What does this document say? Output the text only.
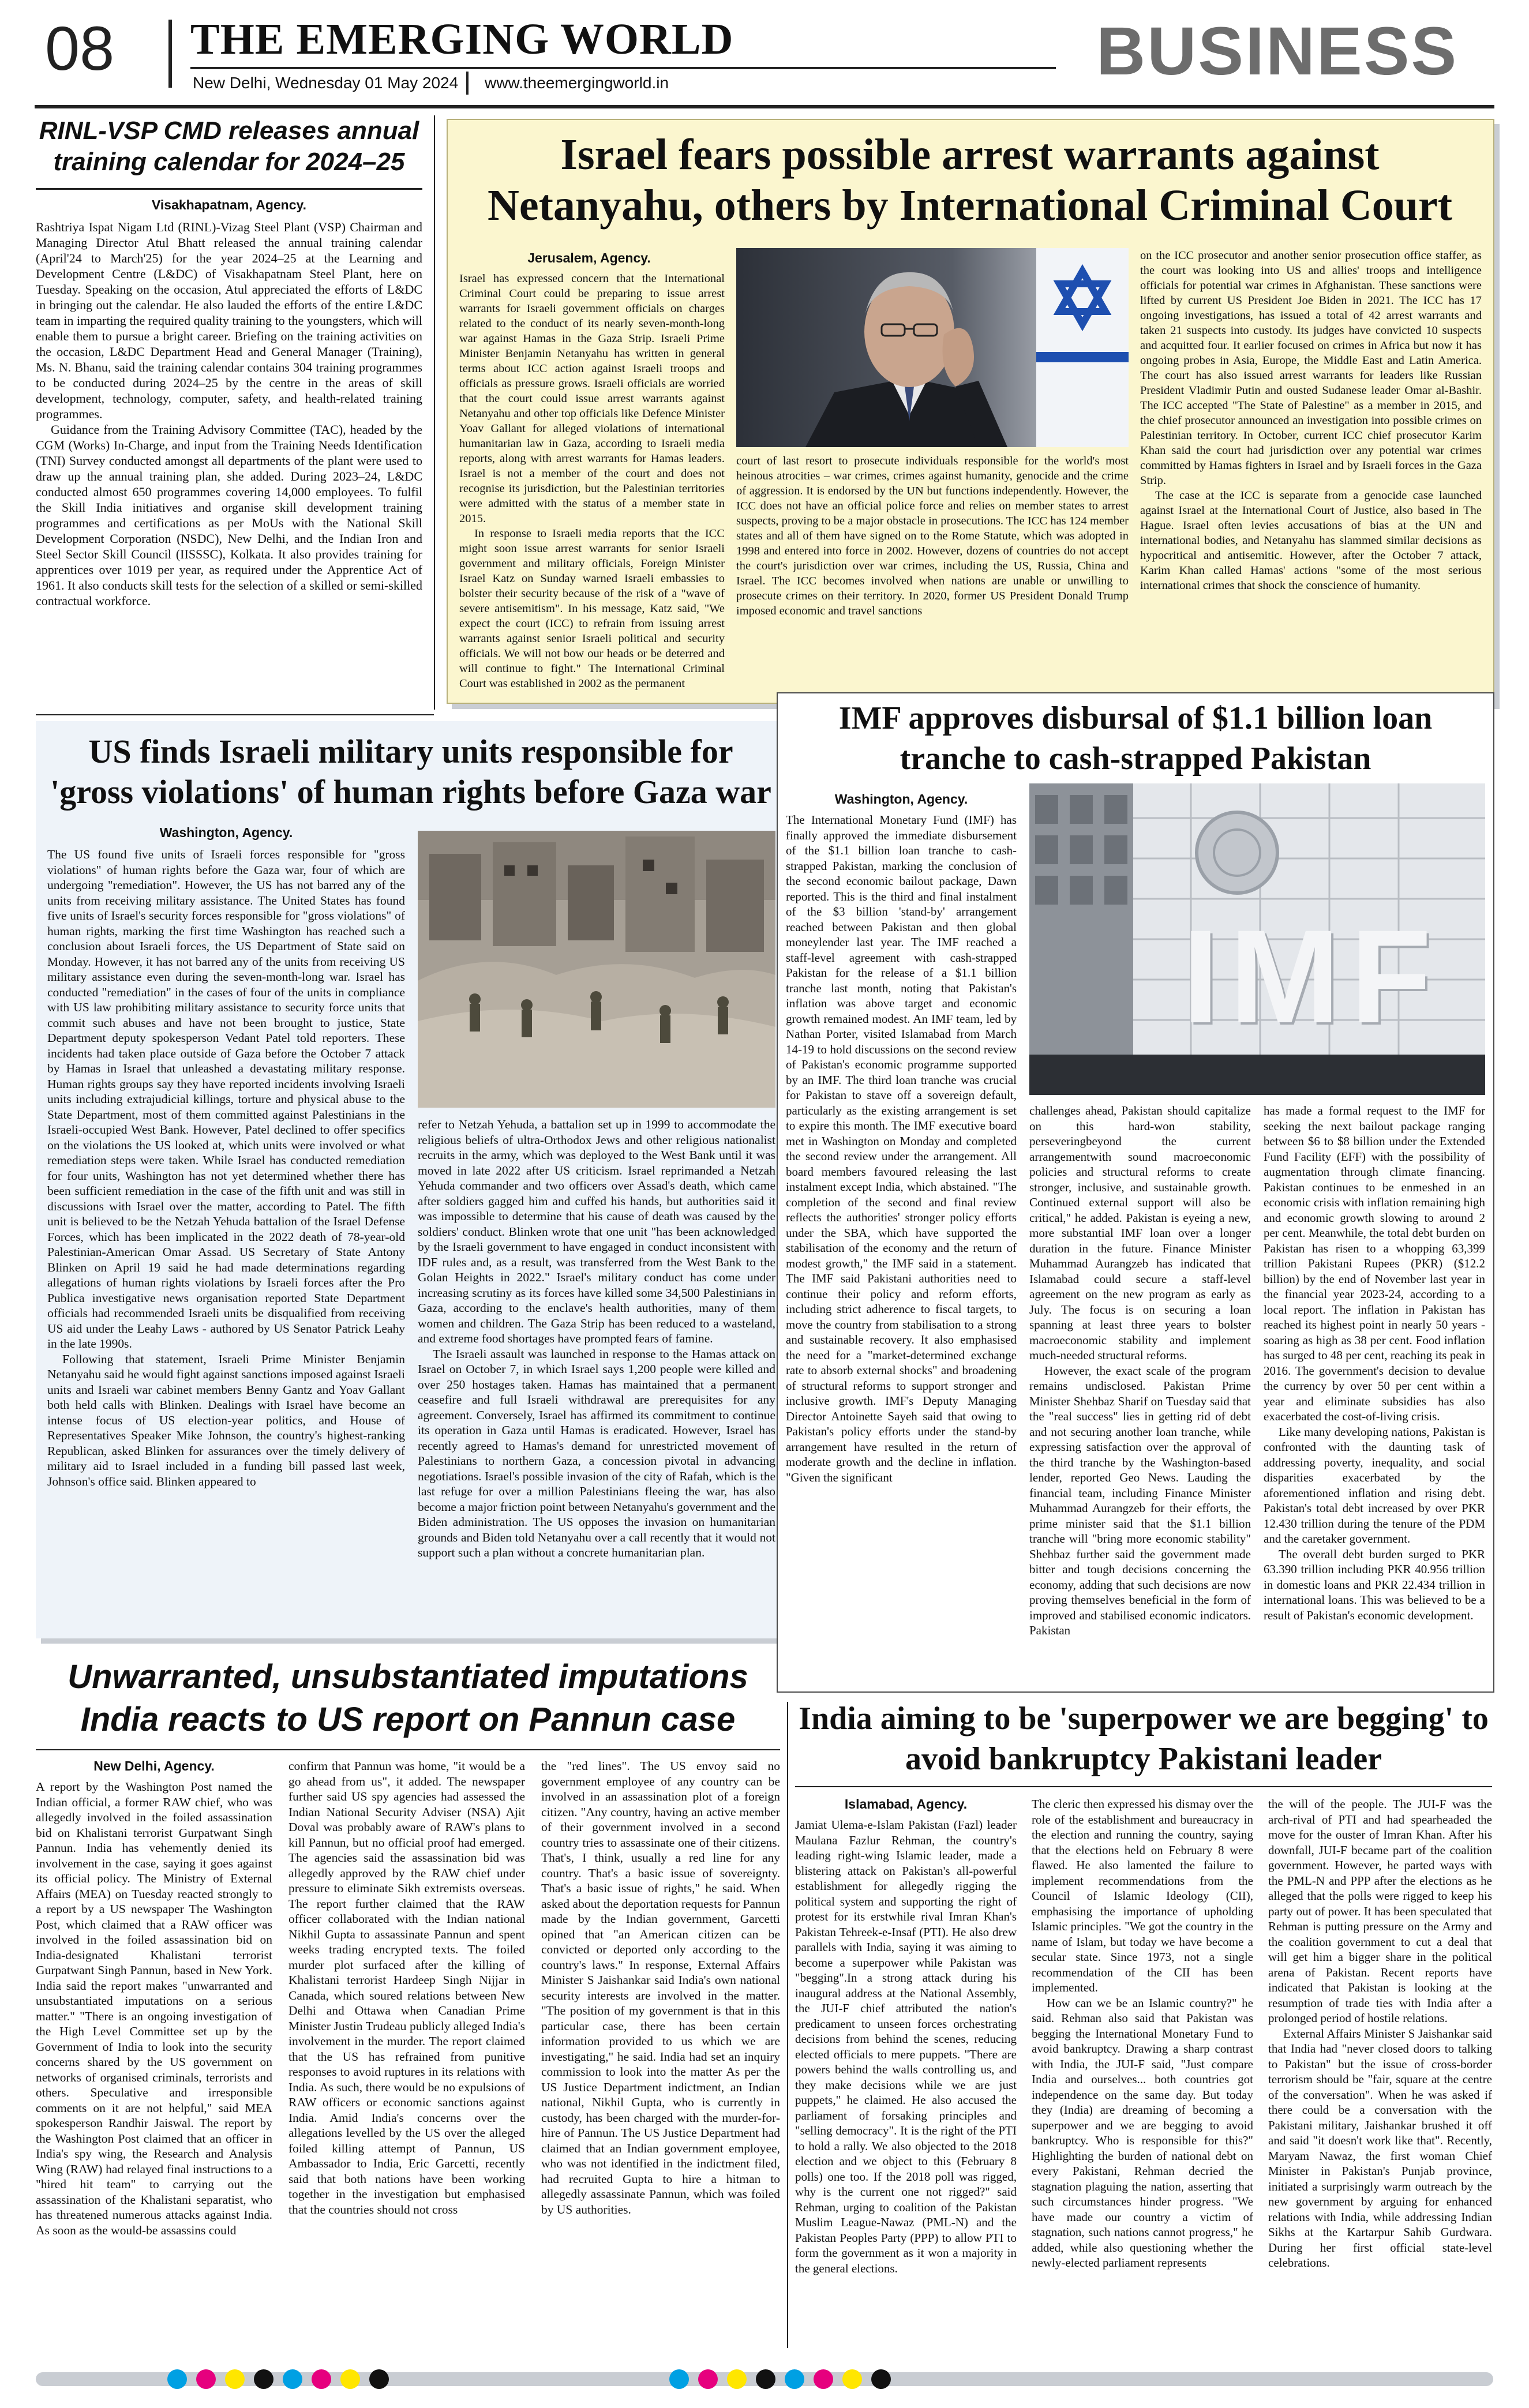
08 THE EMERGING WORLD
New Delhi, Wednesday 01 May 2024 www.theemergingworld.in	BUSINESS
RINL-VSP CMD releases annual training calendar for 2024–25
Visakhapatnam, Agency.

Rashtriya Ispat Nigam Ltd (RINL)-Vizag Steel Plant (VSP) Chairman and Managing Director Atul Bhatt released the annual training calendar (April'24 to March'25) for the year 2024–25 at the Learning and Development Centre (L&DC) of Visakhapatnam Steel Plant, here on Tuesday. Speaking on the occasion, Atul appreciated the efforts of L&DC in bringing out the calendar. He also lauded the efforts of the entire L&DC team in imparting the required quality training to the youngsters, which will enable them to pursue a bright career. Briefing on the training activities on the occasion, L&DC Department Head and General Manager (Training), Ms. N. Bhanu, said the training calendar contains 304 training programmes to be conducted during 2024–25 by the centre in the areas of skill development, technology, computer, safety, and health-related training programmes.

Guidance from the Training Advisory Committee (TAC), headed by the CGM (Works) In-Charge, and input from the Training Needs Identification (TNI) Survey conducted amongst all departments of the plant were used to draw up the annual training plan, she added. During 2023–24, L&DC conducted almost 650 programmes covering 14,000 employees. To fulfil the Skill India initiatives and organise skill development training programmes and certifications as per MoUs with the National Skill Development Corporation (NSDC), New Delhi, and the Indian Iron and Steel Sector Skill Council (IISSSC), Kolkata. It also provides training for apprentices over 1019 per year, as required under the Apprentice Act of 1961. It also conducts skill tests for the selection of a skilled or semi-skilled contractual workforce.

Israel fears possible arrest warrants against Netanyahu, others by International Criminal Court
Jerusalem, Agency.

Israel has expressed concern that the International Criminal Court could be preparing to issue arrest warrants for Israeli government officials on charges related to the conduct of its nearly seven-month-long war against Hamas in the Gaza Strip. Israeli Prime Minister Benjamin Netanyahu has written in general terms about ICC action against Israeli troops and officials as pressure grows. Israeli officials are worried that the court could issue arrest warrants against Netanyahu and other top officials like Defence Minister Yoav Gallant for alleged violations of international humanitarian law in Gaza, according to Israeli media reports, along with arrest warrants for Hamas leaders. Israel is not a member of the court and does not recognise its jurisdiction, but the Palestinian territories were admitted with the status of a member state in 2015.

In response to Israeli media reports that the ICC might soon issue arrest warrants for senior Israeli government and military officials, Foreign Minister Israel Katz on Sunday warned Israeli embassies to bolster their security because of the risk of a "wave of severe antisemitism". In his message, Katz said, "We expect the court (ICC) to refrain from issuing arrest warrants against senior Israeli political and security officials. We will not bow our heads or be deterred and will continue to fight." The International Criminal Court was established in 2002 as the permanent

court of last resort to prosecute individuals responsible for the world's most heinous atrocities – war crimes, crimes against humanity, genocide and the crime of aggression. It is endorsed by the UN but functions independently. However, the ICC does not have an official police force and relies on member states to arrest suspects, proving to be a major obstacle in prosecutions. The ICC has 124 member states and all of them have signed on to the Rome Statute, which was adopted in 1998 and entered into force in 2002. However, dozens of countries do not accept the court's jurisdiction over war crimes, including the US, Russia, China and Israel. The ICC becomes involved when nations are unable or unwilling to prosecute crimes on their territory. In 2020, former US President Donald Trump imposed economic and travel sanctions

on the ICC prosecutor and another senior prosecution office staffer, as the court was looking into US and allies' troops and intelligence officials for potential war crimes in Afghanistan. These sanctions were lifted by current US President Joe Biden in 2021. The ICC has 17 ongoing investigations, has issued a total of 42 arrest warrants and taken 21 suspects into custody. Its judges have convicted 10 suspects and acquitted four. It earlier focused on crimes in Africa but now it has ongoing probes in Asia, Europe, the Middle East and Latin America. The court has also issued arrest warrants for leaders like Russian President Vladimir Putin and ousted Sudanese leader Omar al-Bashir. The ICC accepted "The State of Palestine" as a member in 2015, and the chief prosecutor announced an investigation into possible crimes on Palestinian territory. In October, current ICC chief prosecutor Karim Khan said the court had jurisdiction over any potential war crimes committed by Hamas fighters in Israel and by Israeli forces in the Gaza Strip.

The case at the ICC is separate from a genocide case launched against Israel at the International Court of Justice, also based in The Hague. Israel often levies accusations of bias at the UN and international bodies, and Netanyahu has slammed similar decisions as hypocritical and antisemitic. However, after the October 7 attack, Karim Khan called Hamas' actions "some of the most serious international crimes that shock the conscience of humanity.

US finds Israeli military units responsible for 'gross violations' of human rights before Gaza war
Washington, Agency.

The US found five units of Israeli forces responsible for "gross violations" of human rights before the Gaza war, four of which are undergoing "remediation". However, the US has not barred any of the units from receiving military assistance. The United States has found five units of Israel's security forces responsible for "gross violations" of human rights, marking the first time Washington has reached such a conclusion about Israeli forces, the US Department of State said on Monday. However, it has not barred any of the units from receiving US military assistance even during the seven-month-long war. Israel has conducted "remediation" in the cases of four of the units in compliance with US law prohibiting military assistance to security force units that commit such abuses and have not been brought to justice, State Department deputy spokesperson Vedant Patel told reporters. These incidents had taken place outside of Gaza before the October 7 attack by Hamas in Israel that unleashed a devastating military response. Human rights groups say they have reported incidents involving Israeli units including extrajudicial killings, torture and physical abuse to the State Department, most of them committed against Palestinians in the Israeli-occupied West Bank. However, Patel declined to offer specifics on the violations the US looked at, which units were involved or what remediation steps were taken. While Israel has conducted remediation for four units, Washington has not yet determined whether there has been sufficient remediation in the case of the fifth unit and was still in discussions with Israel over the matter, according to Patel. The fifth unit is believed to be the Netzah Yehuda battalion of the Israel Defense Forces, which has been implicated in the 2022 death of 78-year-old Palestinian-American Omar Assad. US Secretary of State Antony Blinken on April 19 said he had made determinations regarding allegations of human rights violations by Israeli forces after the Pro Publica investigative news organisation reported State Department officials had recommended Israeli units be disqualified from receiving US aid under the Leahy Laws - authored by US Senator Patrick Leahy in the late 1990s.

Following that statement, Israeli Prime Minister Benjamin Netanyahu said he would fight against sanctions imposed against Israeli units and Israeli war cabinet members Benny Gantz and Yoav Gallant both held calls with Blinken. Dealings with Israel have become an intense focus of US election-year politics, and House of Representatives Speaker Mike Johnson, the country's highest-ranking Republican, asked Blinken for assurances over the timely delivery of military aid to Israel included in a funding bill passed last week, Johnson's office said. Blinken appeared to

refer to Netzah Yehuda, a battalion set up in 1999 to accommodate the religious beliefs of ultra-Orthodox Jews and other religious nationalist recruits in the army, which was deployed to the West Bank until it was moved in late 2022 after US criticism. Israel reprimanded a Netzah Yehuda commander and two officers over Assad's death, which came after soldiers gagged him and cuffed his hands, but authorities said it was impossible to determine that his cause of death was caused by the soldiers' conduct. Blinken wrote that one unit "has been acknowledged by the Israeli government to have engaged in conduct inconsistent with IDF rules and, as a result, was transferred from the West Bank to the Golan Heights in 2022." Israel's military conduct has come under increasing scrutiny as its forces have killed some 34,500 Palestinians in Gaza, according to the enclave's health authorities, many of them women and children. The Gaza Strip has been reduced to a wasteland, and extreme food shortages have prompted fears of famine.

The Israeli assault was launched in response to the Hamas attack on Israel on October 7, in which Israel says 1,200 people were killed and over 250 hostages taken. Hamas has maintained that a permanent ceasefire and full Israeli withdrawal are prerequisites for any agreement. Conversely, Israel has affirmed its commitment to continue its operation in Gaza until Hamas is eradicated. However, Israel has recently agreed to Hamas's demand for unrestricted movement of Palestinians to northern Gaza, a concession pivotal in advancing negotiations. Israel's possible invasion of the city of Rafah, which is the last refuge for over a million Palestinians fleeing the war, has also become a major friction point between Netanyahu's government and the Biden administration. The US opposes the invasion on humanitarian grounds and Biden told Netanyahu over a call recently that it would not support such a plan without a concrete humanitarian plan.

IMF approves disbursal of $1.1 billion loan tranche to cash-strapped Pakistan
Washington, Agency.

The International Monetary Fund (IMF) has finally approved the immediate disbursement of the $1.1 billion loan tranche to cash-strapped Pakistan, marking the conclusion of the second economic bailout package, Dawn reported. This is the third and final instalment of the $3 billion 'stand-by' arrangement reached between Pakistan and then global moneylender last year. The IMF reached a staff-level agreement with cash-strapped Pakistan for the release of a $1.1 billion tranche last month, noting that Pakistan's inflation was above target and economic growth remained modest. An IMF team, led by Nathan Porter, visited Islamabad from March 14-19 to hold discussions on the second review of Pakistan's economic programme supported by an IMF. The third loan tranche was crucial for Pakistan to stave off a sovereign default, particularly as the existing arrangement is set to expire this month. The IMF executive board met in Washington on Monday and completed the second review under the arrangement. All board members favoured releasing the last instalment except India, which abstained. "The completion of the second and final review reflects the authorities' stronger policy efforts under the SBA, which have supported the stabilisation of the economy and the return of modest growth," the IMF said in a statement. The IMF said Pakistani authorities need to continue their policy and reform efforts, including strict adherence to fiscal targets, to move the country from stabilisation to a strong and sustainable recovery. It also emphasised the need for a "market-determined exchange rate to absorb external shocks" and broadening of structural reforms to support stronger and inclusive growth. IMF's Deputy Managing Director Antoinette Sayeh said that owing to Pakistan's policy efforts under the stand-by arrangement have resulted in the return of moderate growth and the decline in inflation. "Given the significant

IMF

challenges ahead, Pakistan should capitalize on this hard-won stability, perseveringbeyond the current arrangementwith sound macroeconomic policies and structural reforms to create stronger, inclusive, and sustainable growth. Continued external support will also be critical," he added. Pakistan is eyeing a new, more substantial IMF loan over a longer duration in the future. Finance Minister Muhammad Aurangzeb has indicated that Islamabad could secure a staff-level agreement on the new program as early as July. The focus is on securing a loan spanning at least three years to bolster macroeconomic stability and implement much-needed structural reforms.

However, the exact scale of the program remains undisclosed. Pakistan Prime Minister Shehbaz Sharif on Tuesday said that the "real success" lies in getting rid of debt and not securing another loan tranche, while expressing satisfaction over the approval of the third tranche by the Washington-based lender, reported Geo News. Lauding the financial team, including Finance Minister Muhammad Aurangzeb for their efforts, the prime minister said that the $1.1 billion tranche will "bring more economic stability" Shehbaz further said the government made bitter and tough decisions concerning the economy, adding that such decisions are now proving themselves beneficial in the form of improved and stabilised economic indicators. Pakistan

has made a formal request to the IMF for seeking the next bailout package ranging between $6 to $8 billion under the Extended Fund Facility (EFF) with the possibility of augmentation through climate financing. Pakistan continues to be enmeshed in an economic crisis with inflation remaining high and economic growth slowing to around 2 per cent. Meanwhile, the total debt burden on Pakistan has risen to a whopping 63,399 trillion Pakistani Rupees (PKR) ($12.2 billion) by the end of November last year in the financial year 2023-24, according to a local report. The inflation in Pakistan has reached its highest point in nearly 50 years - soaring as high as 38 per cent. Food inflation has surged to 48 per cent, reaching its peak in 2016. The government's decision to devalue the currency by over 50 per cent within a year and eliminate subsidies has also exacerbated the cost-of-living crisis.

Like many developing nations, Pakistan is confronted with the daunting task of addressing poverty, inequality, and social disparities exacerbated by the aforementioned inflation and rising debt. Pakistan's total debt increased by over PKR 12.430 trillion during the tenure of the PDM and the caretaker government.

The overall debt burden surged to PKR 63.390 trillion including PKR 40.956 trillion in domestic loans and PKR 22.434 trillion in international loans. This was believed to be a result of Pakistan's economic development.

Unwarranted, unsubstantiated imputations India reacts to US report on Pannun case
New Delhi, Agency.

A report by the Washington Post named the Indian official, a former RAW chief, who was allegedly involved in the foiled assassination bid on Khalistani terrorist Gurpatwant Singh Pannun. India has vehemently denied its involvement in the case, saying it goes against its official policy. The Ministry of External Affairs (MEA) on Tuesday reacted strongly to a report by a US newspaper The Washington Post, which claimed that a RAW officer was involved in the foiled assassination bid on India-designated Khalistani terrorist Gurpatwant Singh Pannun, based in New York. India said the report makes "unwarranted and unsubstantiated imputations on a serious matter." "There is an ongoing investigation of the High Level Committee set up by the Government of India to look into the security concerns shared by the US government on networks of organised criminals, terrorists and others. Speculative and irresponsible comments on it are not helpful," said MEA spokesperson Randhir Jaiswal. The report by the Washington Post claimed that an officer in India's spy wing, the Research and Analysis Wing (RAW) had relayed final instructions to a "hired hit team" to carrying out the assassination of the Khalistani separatist, who has threatened numerous attacks against India. As soon as the would-be assassins could

confirm that Pannun was home, "it would be a go ahead from us", it added. The newspaper further said US spy agencies had assessed the Indian National Security Adviser (NSA) Ajit Doval was probably aware of RAW's plans to kill Pannun, but no official proof had emerged. The agencies said the assassination bid was allegedly approved by the RAW chief under pressure to eliminate Sikh extremists overseas. The report further claimed that the RAW officer collaborated with the Indian national Nikhil Gupta to assassinate Pannun and spent weeks trading encrypted texts. The foiled murder plot surfaced after the killing of Khalistani terrorist Hardeep Singh Nijjar in Canada, which soured relations between New Delhi and Ottawa when Canadian Prime Minister Justin Trudeau publicly alleged India's involvement in the murder. The report claimed that the US has refrained from punitive responses to avoid ruptures in its relations with India. As such, there would be no expulsions of RAW officers or economic sanctions against India. Amid India's concerns over the allegations levelled by the US over the alleged foiled killing attempt of Pannun, US Ambassador to India, Eric Garcetti, recently said that both nations have been working together in the investigation but emphasised that the countries should not cross

the "red lines". The US envoy said no government employee of any country can be involved in an assassination plot of a foreign citizen. "Any country, having an active member of their government involved in a second country tries to assassinate one of their citizens. That's, I think, usually a red line for any country. That's a basic issue of sovereignty. That's a basic issue of rights," he said. When asked about the deportation requests for Pannun made by the Indian government, Garcetti opined that "an American citizen can be convicted or deported only according to the country's laws." In response, External Affairs Minister S Jaishankar said India's own national security interests are involved in the matter. "The position of my government is that in this particular case, there has been certain information provided to us which we are investigating," he said. India had set an inquiry commission to look into the matter As per the US Justice Department indictment, an Indian national, Nikhil Gupta, who is currently in custody, has been charged with the murder-for-hire of Pannun. The US Justice Department had claimed that an Indian government employee, who was not identified in the indictment filed, had recruited Gupta to hire a hitman to allegedly assassinate Pannun, which was foiled by US authorities.

India aiming to be 'superpower we are begging' to avoid bankruptcy Pakistani leader
Islamabad, Agency.

Jamiat Ulema-e-Islam Pakistan (Fazl) leader Maulana Fazlur Rehman, the country's leading right-wing Islamic leader, made a blistering attack on Pakistan's all-powerful establishment for allegedly rigging the political system and supporting the right of protest for its erstwhile rival Imran Khan's Pakistan Tehreek-e-Insaf (PTI). He also drew parallels with India, saying it was aiming to become a superpower while Pakistan was "begging".In a strong attack during his inaugural address at the National Assembly, the JUI-F chief attributed the nation's predicament to unseen forces orchestrating decisions from behind the scenes, reducing elected officials to mere puppets. "There are powers behind the walls controlling us, and they make decisions while we are just puppets," he claimed. He also accused the parliament of forsaking principles and "selling democracy". It is the right of the PTI to hold a rally. We also objected to the 2018 election and we object to this (February 8 polls) one too. If the 2018 poll was rigged, why is the current one not rigged?" said Rehman, urging to coalition of the Pakistan Muslim League-Nawaz (PML-N) and the Pakistan Peoples Party (PPP) to allow PTI to form the government as it won a majority in the general elections.

The cleric then expressed his dismay over the role of the establishment and bureaucracy in the election and running the country, saying that the elections held on February 8 were flawed. He also lamented the failure to implement recommendations from the Council of Islamic Ideology (CII), emphasising the importance of upholding Islamic principles. "We got the country in the name of Islam, but today we have become a secular state. Since 1973, not a single recommendation of the CII has been implemented.

How can we be an Islamic country?" he said. Rehman also said that Pakistan was begging the International Monetary Fund to avoid bankruptcy. Drawing a sharp contrast with India, the JUI-F said, "Just compare India and ourselves... both countries got independence on the same day. But today they (India) are dreaming of becoming a superpower and we are begging to avoid bankruptcy. Who is responsible for this?" Highlighting the burden of national debt on every Pakistani, Rehman decried the stagnation plaguing the nation, asserting that such circumstances hinder progress. "We have made our country a victim of stagnation, such nations cannot progress," he added, while also questioning whether the newly-elected parliament represents

the will of the people. The JUI-F was the arch-rival of PTI and had spearheaded the move for the ouster of Imran Khan. After his downfall, JUI-F became part of the coalition government. However, he parted ways with the PML-N and PPP after the elections as he alleged that the polls were rigged to keep his party out of power. It has been speculated that Rehman is putting pressure on the Army and the coalition government to cut a deal that will get him a bigger share in the political arena of Pakistan. Recent reports have indicated that Pakistan is looking at the resumption of trade ties with India after a prolonged period of hostile relations.

External Affairs Minister S Jaishankar said that India had "never closed doors to talking to Pakistan" but the issue of cross-border terrorism should be "fair, square at the centre of the conversation". When he was asked if there could be a conversation with the Pakistani military, Jaishankar brushed it off and said "it doesn't work like that". Recently, Maryam Nawaz, the first woman Chief Minister in Pakistan's Punjab province, initiated a surprisingly warm outreach by the new government by arguing for enhanced relations with India, while addressing Indian Sikhs at the Kartarpur Sahib Gurdwara. During her first official state-level celebrations.
